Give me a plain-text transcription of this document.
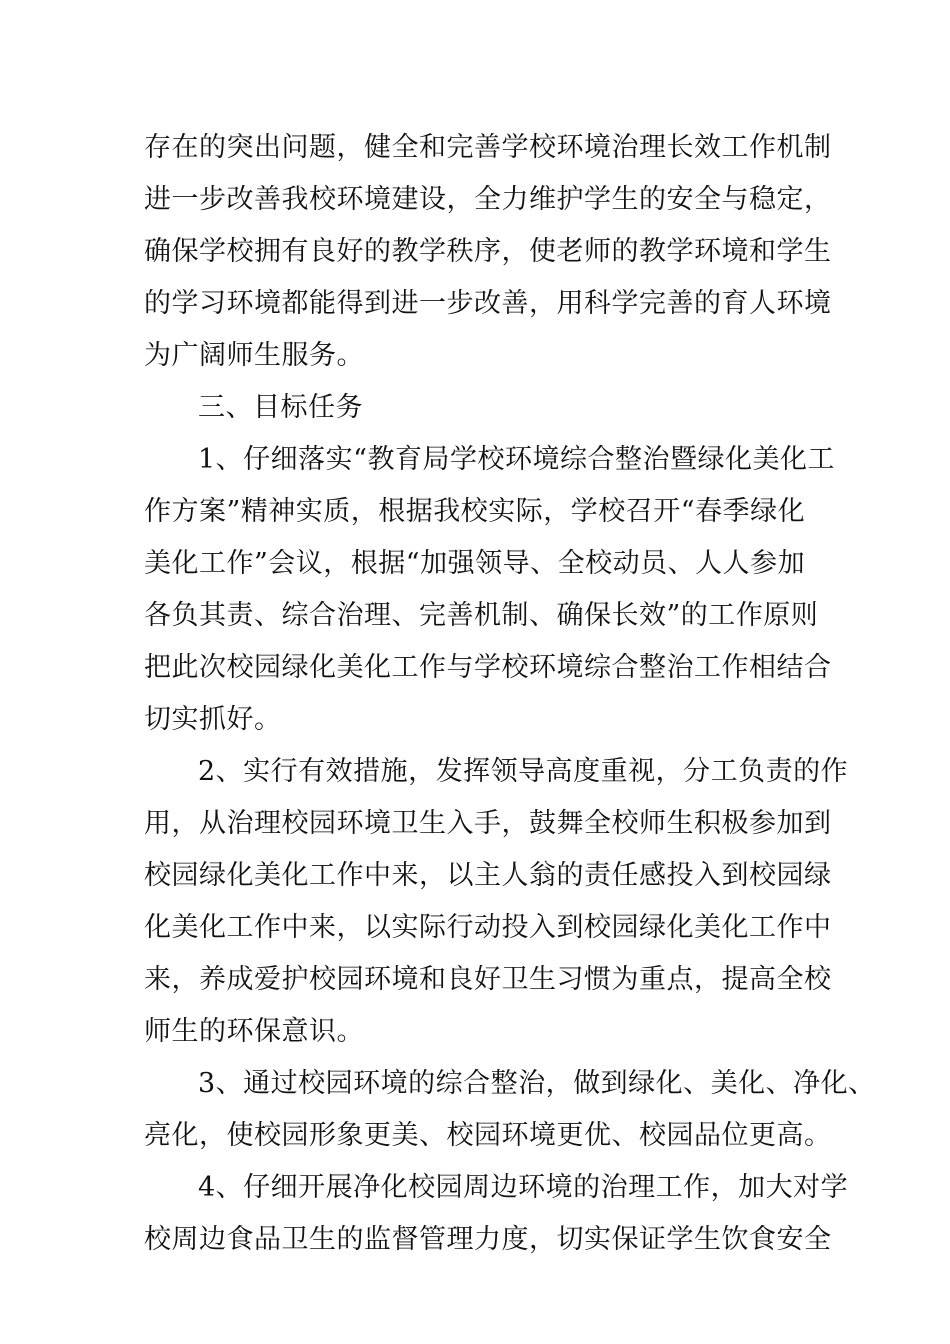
存在的突出问题，健全和完善学校环境治理长效工作机制
进一步改善我校环境建设，全力维护学生的安全与稳定，
确保学校拥有良好的教学秩序，使老师的教学环境和学生
的学习环境都能得到进一步改善，用科学完善的育人环境
为广阔师生服务。
三、目标任务
1、仔细落实“教育局学校环境综合整治暨绿化美化工
作方案”精神实质，根据我校实际，学校召开“春季绿化
美化工作”会议，根据“加强领导、全校动员、人人参加
各负其责、综合治理、完善机制、确保长效”的工作原则
把此次校园绿化美化工作与学校环境综合整治工作相结合
切实抓好。
2、实行有效措施，发挥领导高度重视，分工负责的作
用，从治理校园环境卫生入手，鼓舞全校师生积极参加到
校园绿化美化工作中来，以主人翁的责任感投入到校园绿
化美化工作中来，以实际行动投入到校园绿化美化工作中
来，养成爱护校园环境和良好卫生习惯为重点，提高全校
师生的环保意识。
3、通过校园环境的综合整治，做到绿化、美化、净化、
亮化，使校园形象更美、校园环境更优、校园品位更高。
4、仔细开展净化校园周边环境的治理工作，加大对学
校周边食品卫生的监督管理力度，切实保证学生饮食安全
